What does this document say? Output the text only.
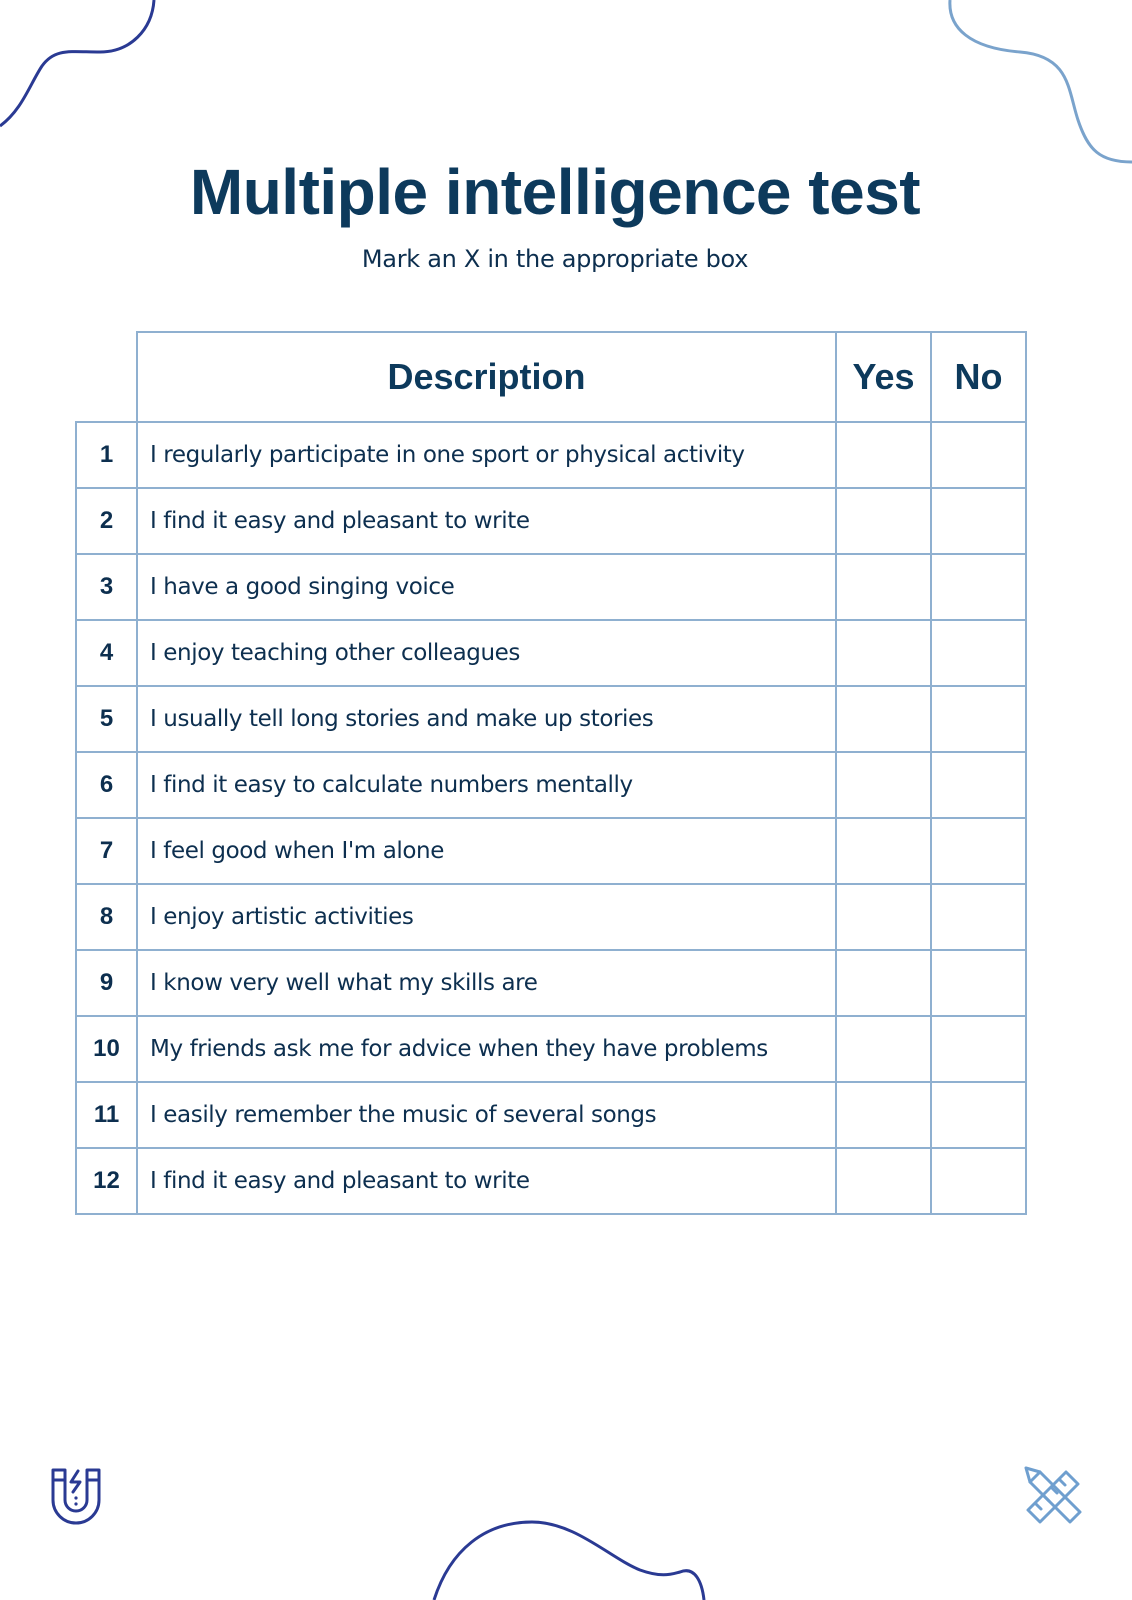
Multiple intelligence test
Mark an X in the appropriate box
	Description	Yes	No
1	I regularly participate in one sport or physical activity		
2	I find it easy and pleasant to write		
3	I have a good singing voice		
4	I enjoy teaching other colleagues		
5	I usually tell long stories and make up stories		
6	I find it easy to calculate numbers mentally		
7	I feel good when I'm alone		
8	I enjoy artistic activities		
9	I know very well what my skills are		
10	My friends ask me for advice when they have problems		
11	I easily remember the music of several songs		
12	I find it easy and pleasant to write		
